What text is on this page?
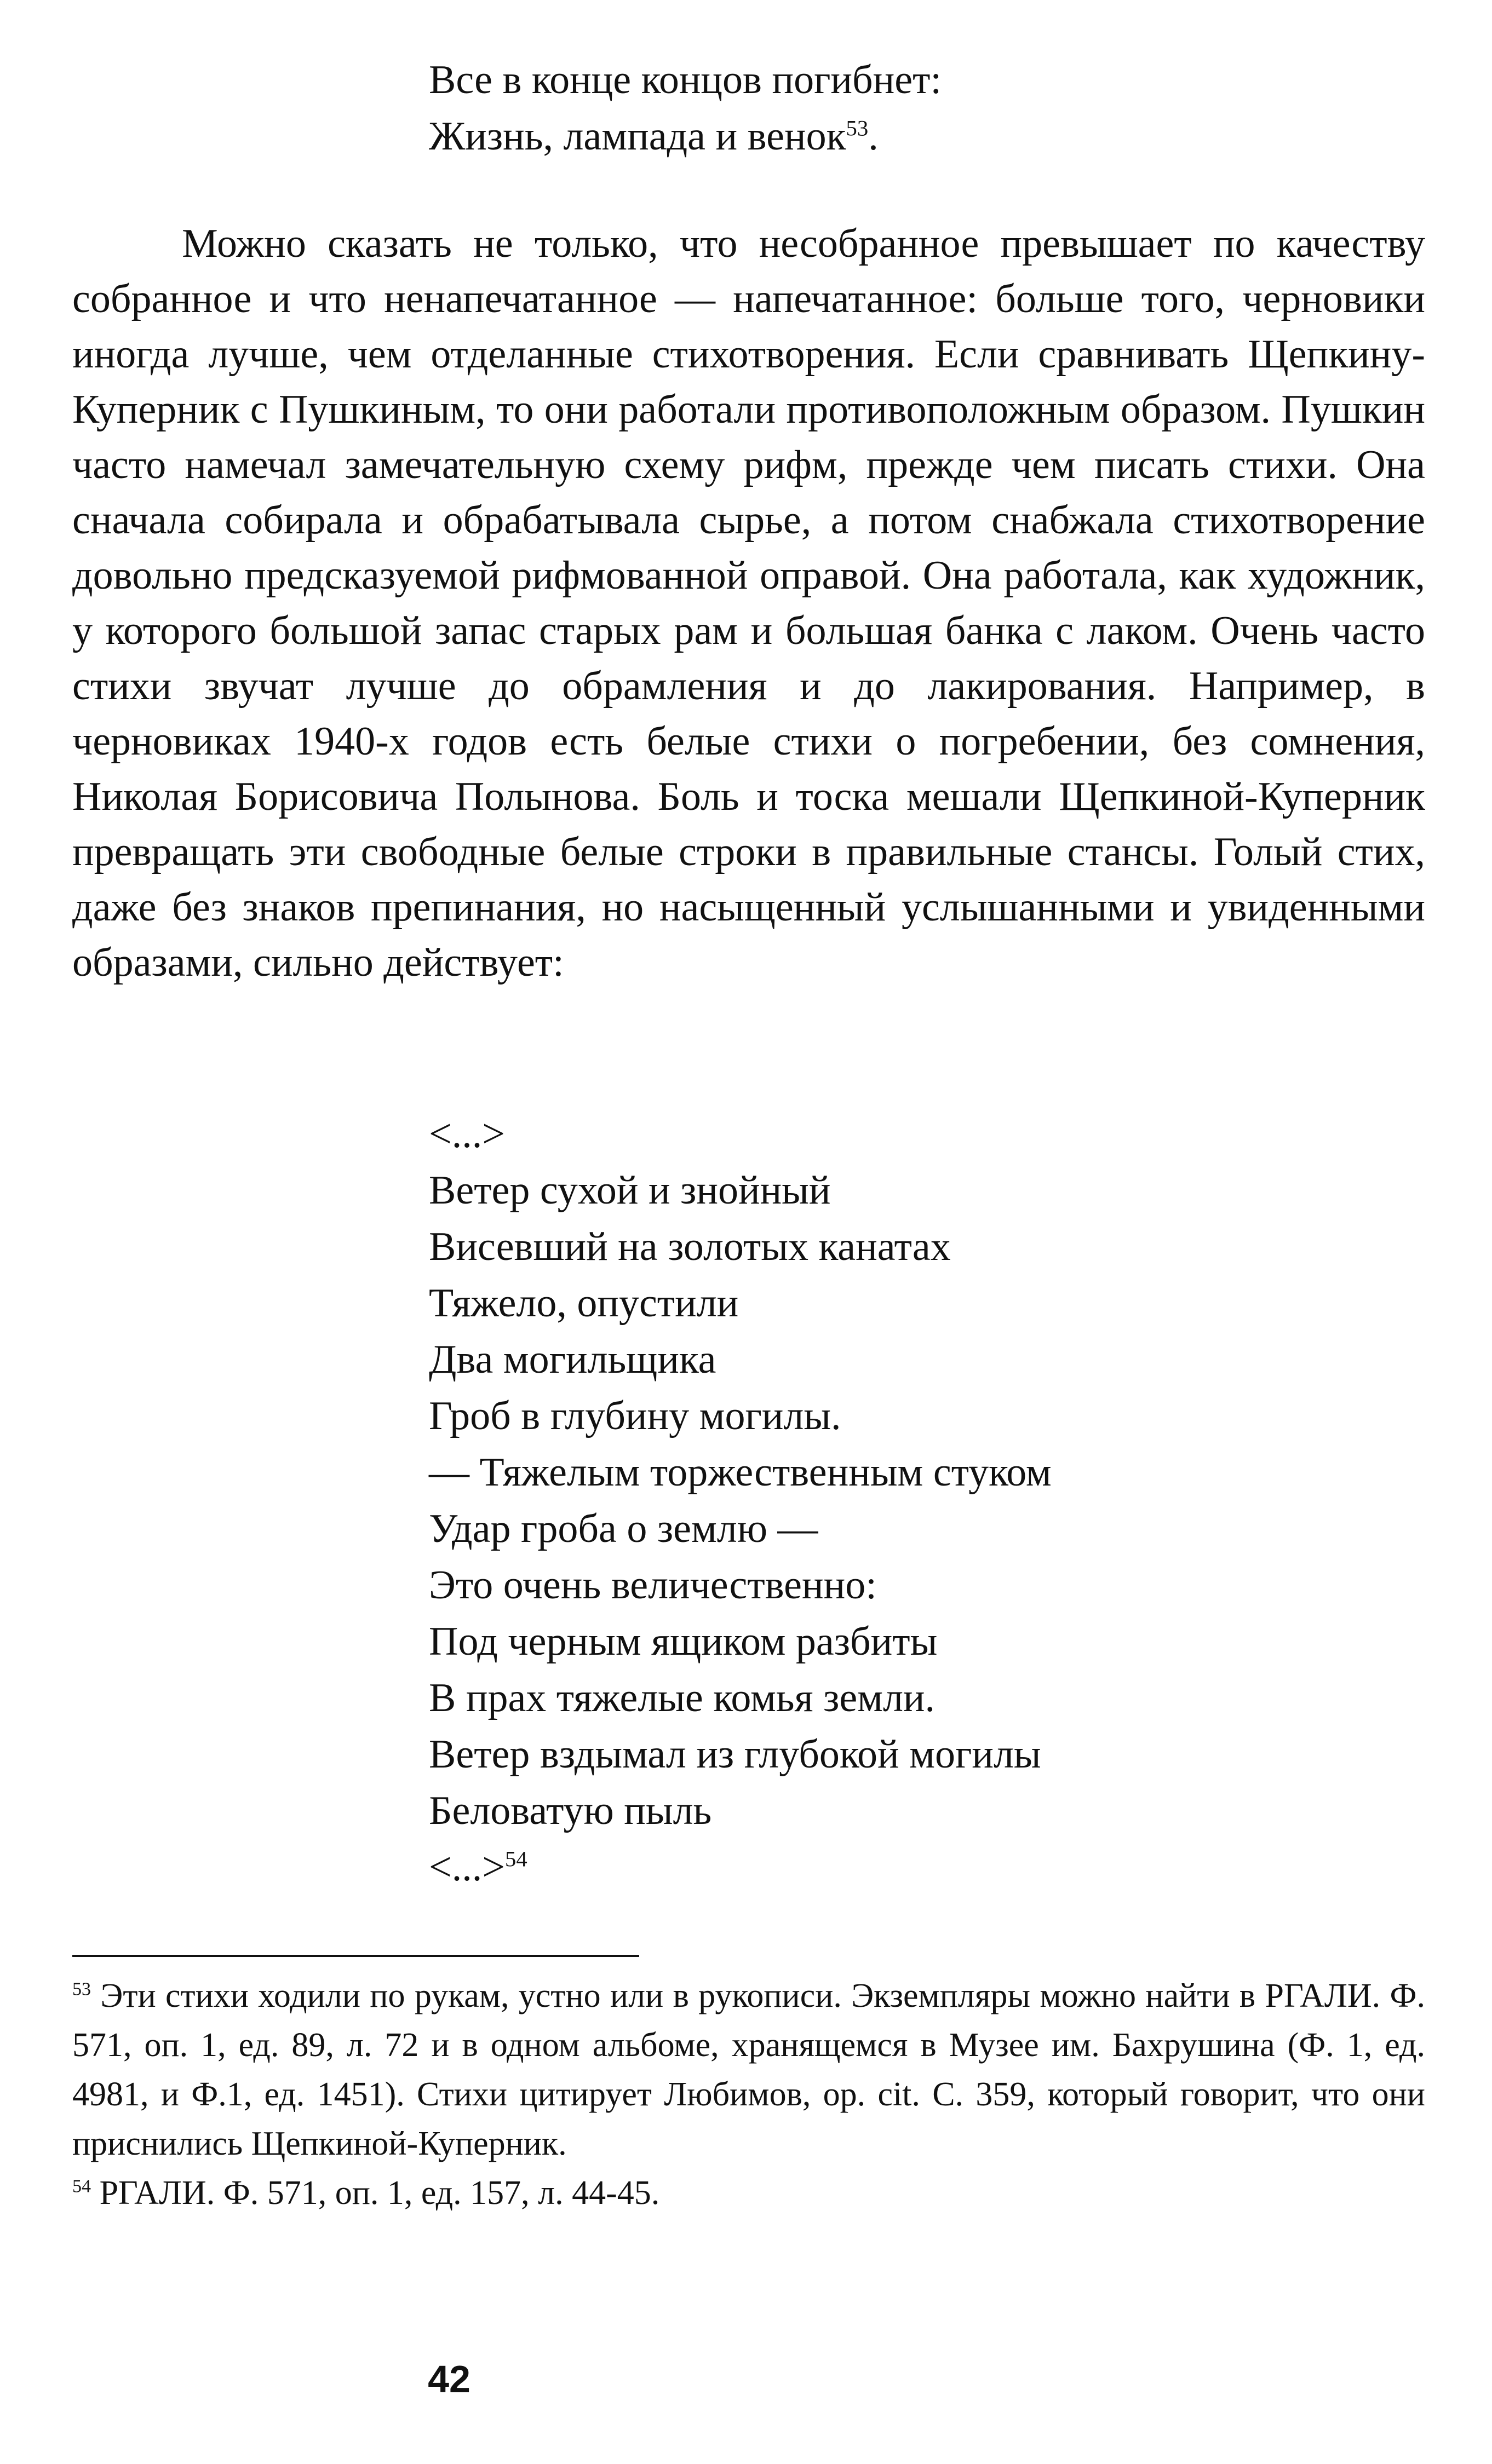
Все в конце концов погибнет:
Жизнь, лампада и венок$^{53}$.

Можно сказать не только, что несобранное превышает по качеству собранное и что ненапечатанное — напечатанное: больше того, черновики иногда лучше, чем отделанные стихотворения. Если сравнивать Щепкину-Куперник с Пушкиным, то они работали противоположным образом. Пушкин часто намечал замечательную схему рифм, прежде чем писать стихи. Она сначала собирала и обрабатывала сырье, а потом снабжала стихотворение довольно предсказуемой рифмованной оправой. Она работала, как художник, у которого большой запас старых рам и большая банка с лаком. Очень часто стихи звучат лучше до обрамления и до лакирования. Например, в черновиках 1940-х годов есть белые стихи о погребении, без сомнения, Николая Борисовича Полынова. Боль и тоска мешали Щепкиной-Куперник превращать эти свободные белые строки в правильные стансы. Голый стих, даже без знаков препинания, но насыщенный услышанными и увиденными образами, сильно действует:

<...>
Ветер сухой и знойный
Висевший на золотых канатах
Тяжело, опустили
Два могильщика
Гроб в глубину могилы.
— Тяжелым торжественным стуком
Удар гроба о землю —
Это очень величественно:
Под черным ящиком разбиты
В прах тяжелые комья земли.
Ветер вздымал из глубокой могилы
Беловатую пыль
<...>$^{54}$

$^{53}$ Эти стихи ходили по рукам, устно или в рукописи. Экземпляры можно найти в РГАЛИ. Ф. 571, оп. 1, ед. 89, л. 72 и в одном альбоме, хранящемся в Музее им. Бахрушина (Ф. 1, ед. 4981, и Ф.1, ед. 1451). Стихи цитирует Любимов, op. cit. С. 359, который говорит, что они приснились Щепкиной-Куперник.

$^{54}$ РГАЛИ. Ф. 571, оп. 1, ед. 157, л. 44-45.

42
